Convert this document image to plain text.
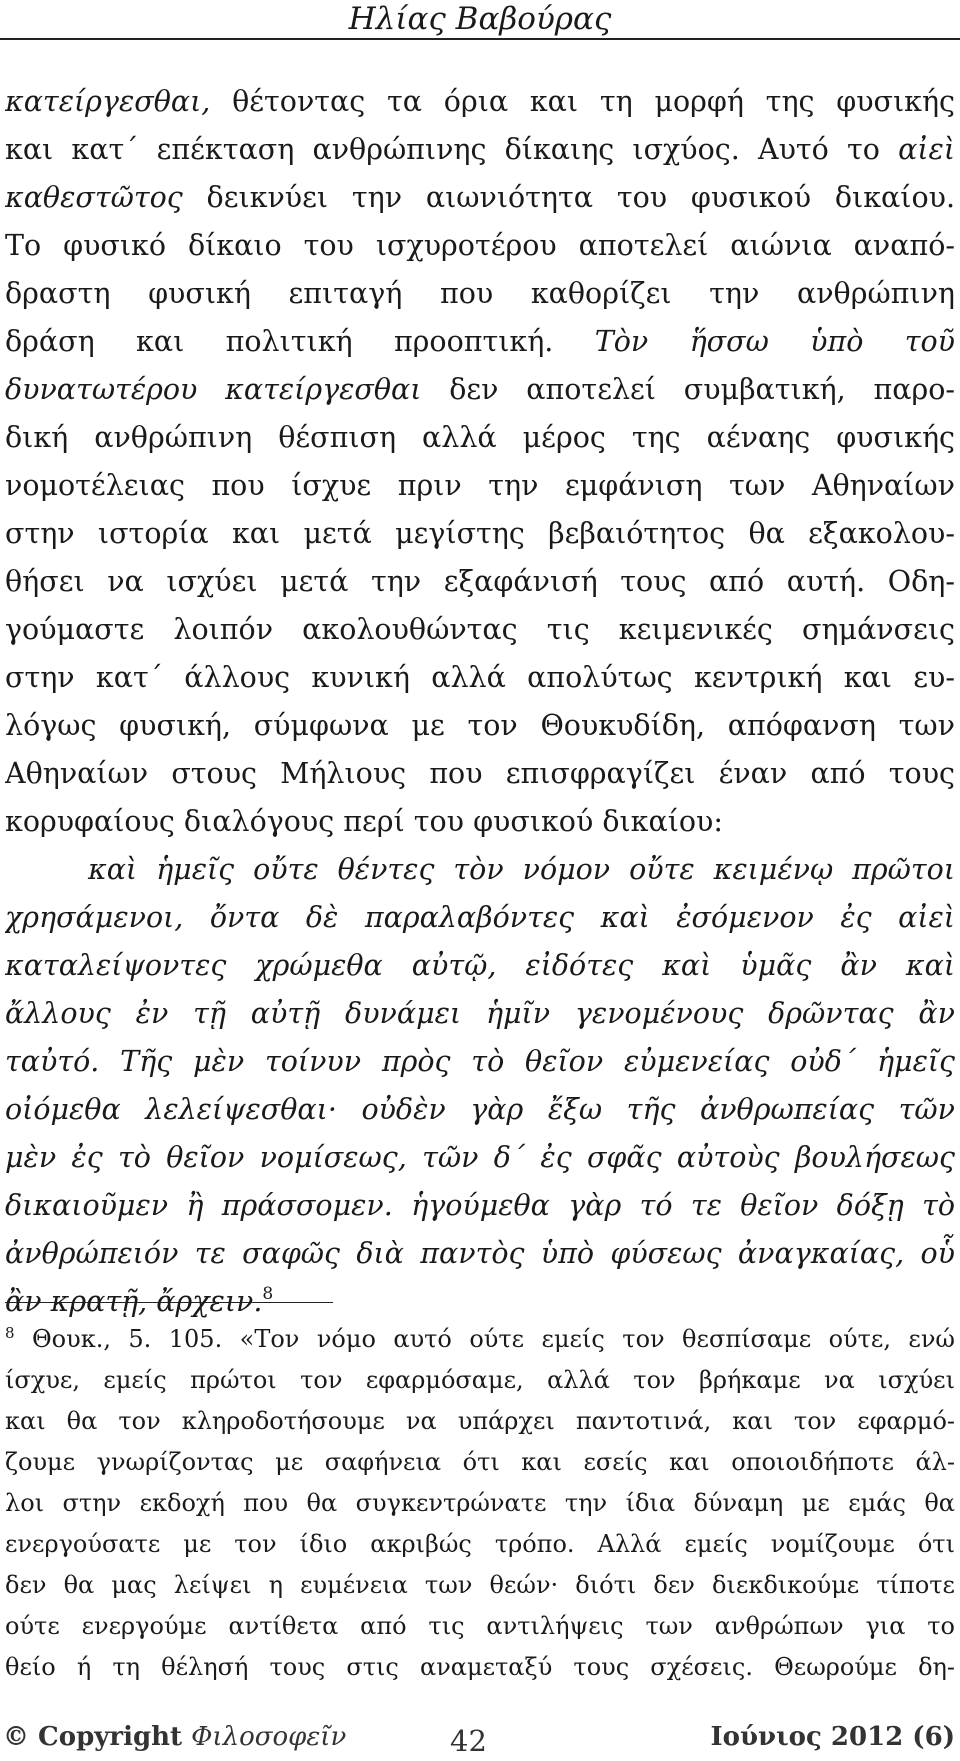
Ηλίας Βαβούρας
κατείργεσθαι, θέτοντας τα όρια και τη μορφή της φυσικής
και κατ΄ επέκταση ανθρώπινης δίκαιης ισχύος. Αυτό το αἰεὶ
καθεστῶτος δεικνύει την αιωνιότητα του φυσικού δικαίου.
Το φυσικό δίκαιο του ισχυροτέρου αποτελεί αιώνια αναπό-
δραστη φυσική επιταγή που καθορίζει την ανθρώπινη
δράση και πολιτική προοπτική. Τὸν ἥσσω ὑπὸ τοῦ
δυνατωτέρου κατείργεσθαι δεν αποτελεί συμβατική, παρο-
δική ανθρώπινη θέσπιση αλλά μέρος της αέναης φυσικής
νομοτέλειας που ίσχυε πριν την εμφάνιση των Αθηναίων
στην ιστορία και μετά μεγίστης βεβαιότητος θα εξακολου-
θήσει να ισχύει μετά την εξαφάνισή τους από αυτή. Οδη-
γούμαστε λοιπόν ακολουθώντας τις κειμενικές σημάνσεις
στην κατ΄ άλλους κυνική αλλά απολύτως κεντρική και ευ-
λόγως φυσική, σύμφωνα με τον Θουκυδίδη, απόφανση των
Αθηναίων στους Μήλιους που επισφραγίζει έναν από τους
κορυφαίους διαλόγους περί του φυσικού δικαίου:
καὶ ἡμεῖς οὔτε θέντες τὸν νόμον οὔτε κειμένῳ πρῶτοι
χρησάμενοι, ὄντα δὲ παραλαβόντες καὶ ἐσόμενον ἐς αἰεὶ
καταλείψοντες χρώμεθα αὐτῷ, εἰδότες καὶ ὑμᾶς ἂν καὶ
ἄλλους ἐν τῇ αὐτῇ δυνάμει ἡμῖν γενομένους δρῶντας ἂν
ταὐτό. Τῆς μὲν τοίνυν πρὸς τὸ θεῖον εὐμενείας οὐδ΄ ἡμεῖς
οἰόμεθα λελείψεσθαι· οὐδὲν γὰρ ἔξω τῆς ἀνθρωπείας τῶν
μὲν ἐς τὸ θεῖον νομίσεως, τῶν δ΄ ἐς σφᾶς αὐτοὺς βουλήσεως
δικαιοῦμεν ἢ πράσσομεν. ἡγούμεθα γὰρ τό τε θεῖον δόξῃ τὸ
ἀνθρώπειόν τε σαφῶς διὰ παντὸς ὑπὸ φύσεως ἀναγκαίας, οὗ
ἂν κρατῇ, ἄρχειν.$^8$
$^8$ Θουκ., 5. 105. «Τον νόμο αυτό ούτε εμείς τον θεσπίσαμε ούτε, ενώ
ίσχυε, εμείς πρώτοι τον εφαρμόσαμε, αλλά τον βρήκαμε να ισχύει
και θα τον κληροδοτήσουμε να υπάρχει παντοτινά, και τον εφαρμό-
ζουμε γνωρίζοντας με σαφήνεια ότι και εσείς και οποιοιδήποτε άλ-
λοι στην εκδοχή που θα συγκεντρώνατε την ίδια δύναμη με εμάς θα
ενεργούσατε με τον ίδιο ακριβώς τρόπο. Αλλά εμείς νομίζουμε ότι
δεν θα μας λείψει η ευμένεια των θεών· διότι δεν διεκδικούμε τίποτε
ούτε ενεργούμε αντίθετα από τις αντιλήψεις των ανθρώπων για το
θείο ή τη θέλησή τους στις αναμεταξύ τους σχέσεις. Θεωρούμε δη-
© Copyright Φιλοσοφεῖν	42	Ιούνιος 2012 (6)
